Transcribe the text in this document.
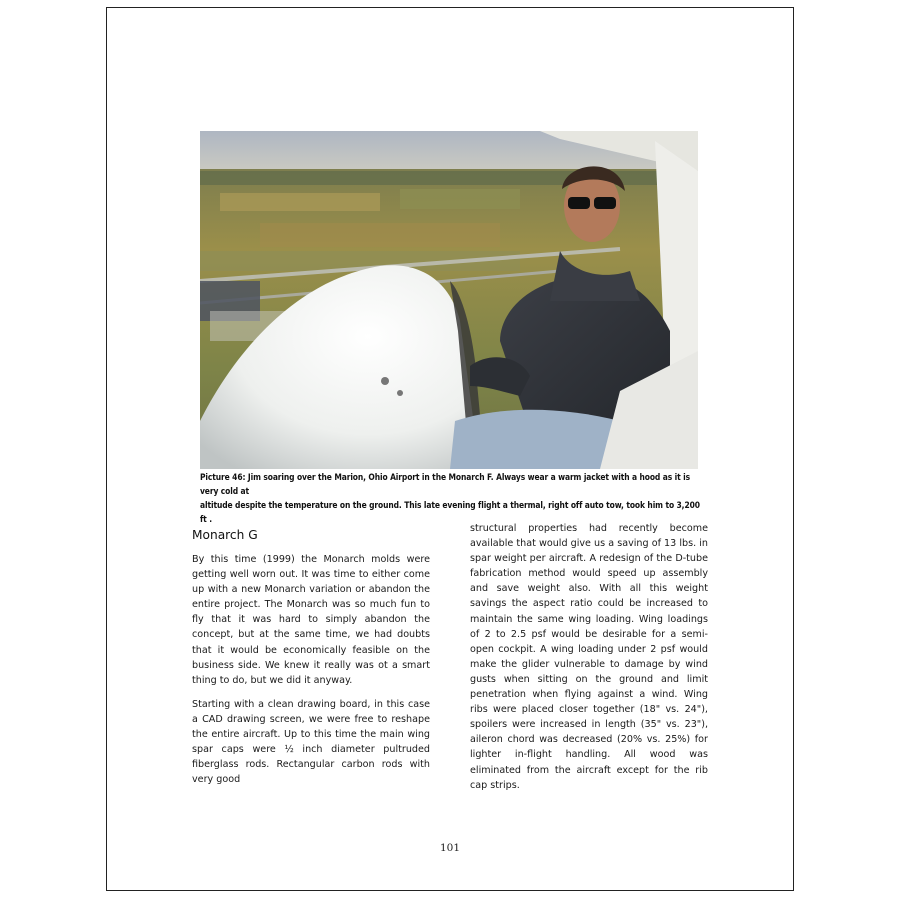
Picture 46: Jim soaring over the Marion, Ohio Airport in the Monarch F. Always wear a warm jacket with a hood as it is very cold at

altitude despite the temperature on the ground. This late evening flight a thermal, right off auto tow, took him to 3,200 ft .

Monarch G

By this time (1999) the Monarch molds were getting well worn out. It was time to either come up with a new Monarch variation or abandon the entire project. The Monarch was so much fun to fly that it was hard to simply abandon the concept, but at the same time, we had doubts that it would be economically feasible on the business side. We knew it really was ot a smart thing to do, but we did it anyway.

Starting with a clean drawing board, in this case a CAD drawing screen, we were free to reshape the entire aircraft. Up to this time the main wing spar caps were ½ inch diameter pultruded fiberglass rods. Rectangular carbon rods with very good

structural properties had recently become available that would give us a saving of 13 lbs. in spar weight per aircraft. A redesign of the D-tube fabrication method would speed up assembly and save weight also. With all this weight savings the aspect ratio could be increased to maintain the same wing loading. Wing loadings of 2 to 2.5 psf would be desirable for a semi-open cockpit. A wing loading under 2 psf would make the glider vulnerable to damage by wind gusts when sitting on the ground and limit penetration when flying against a wind. Wing ribs were placed closer together (18" vs. 24"), spoilers were increased in length (35" vs. 23"), aileron chord was decreased (20% vs. 25%) for lighter in-flight handling. All wood was eliminated from the aircraft except for the rib cap strips.

101
